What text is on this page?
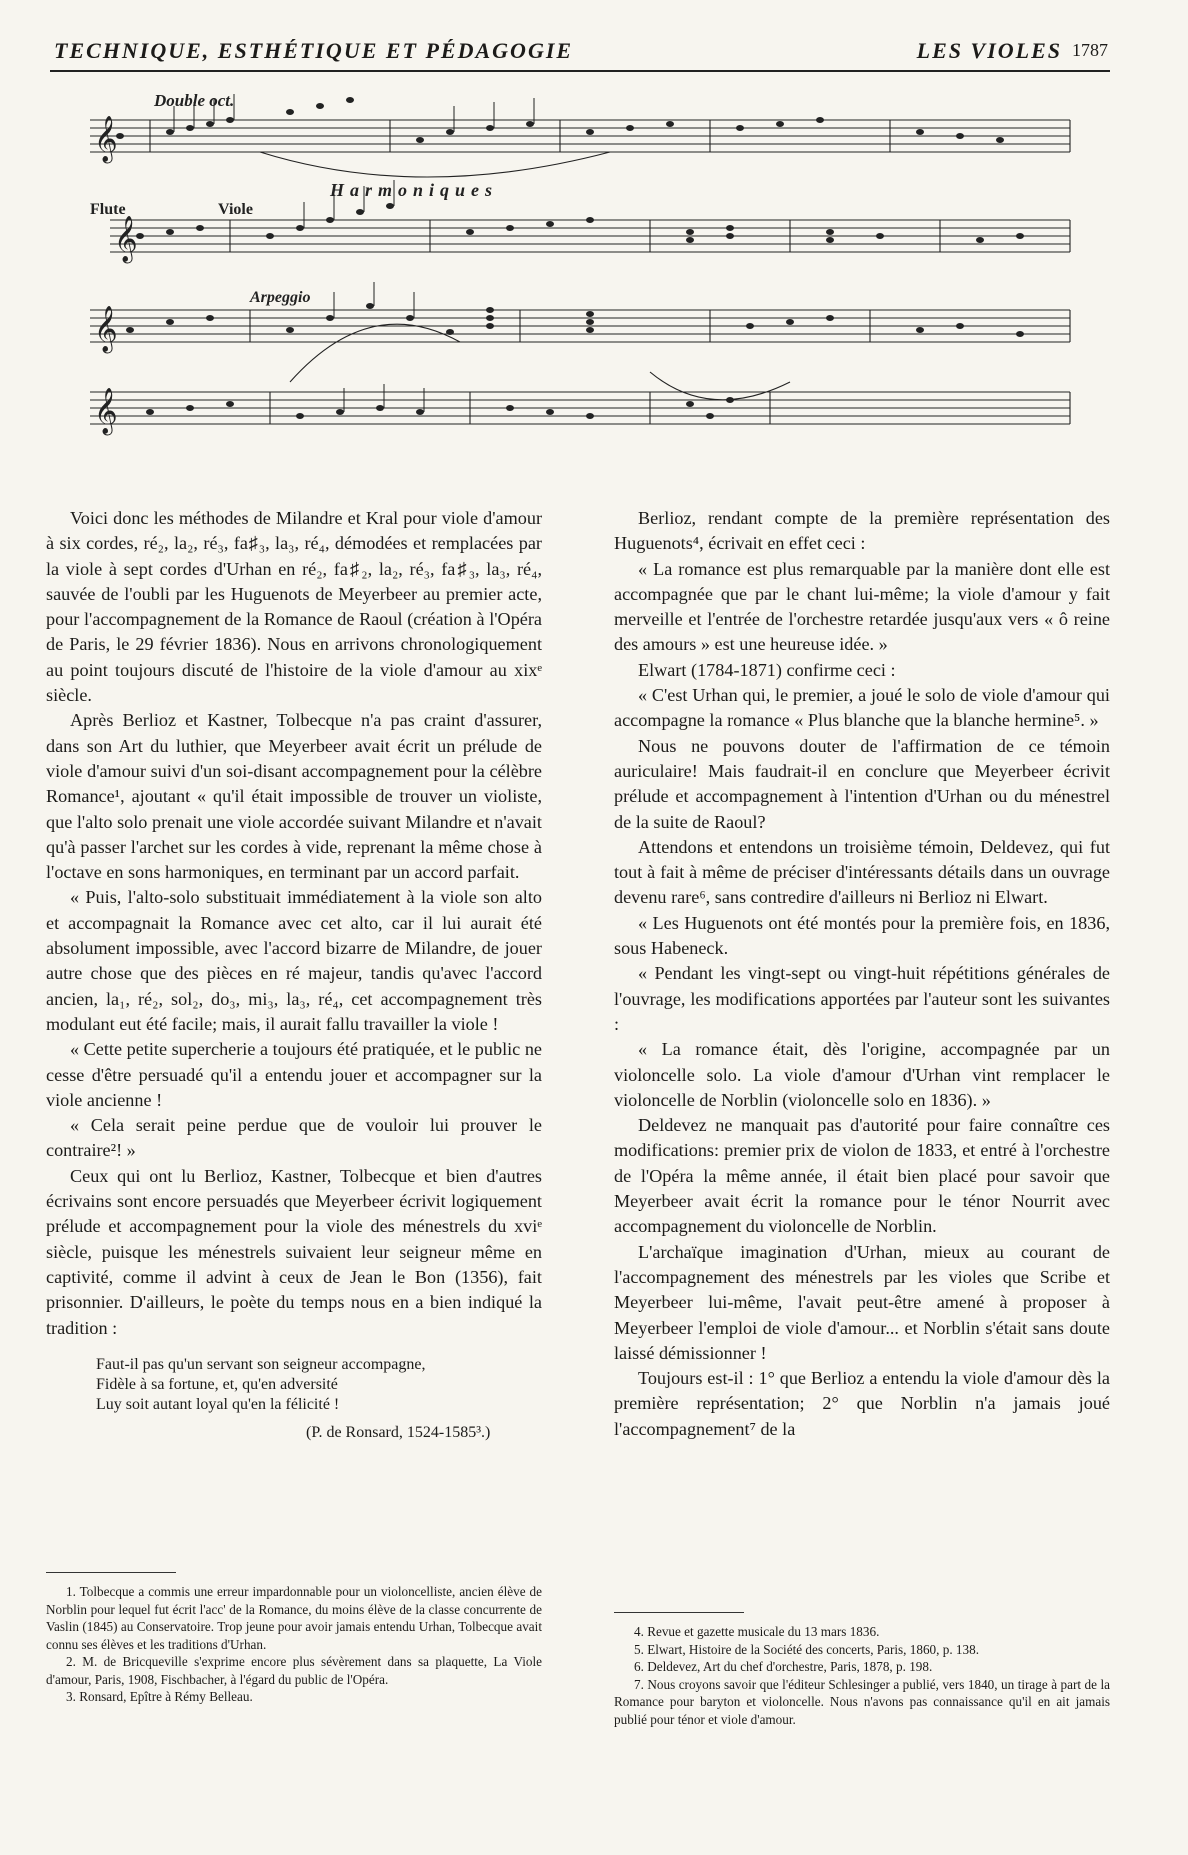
TECHNIQUE, ESTHÉTIQUE ET PÉDAGOGIE	LES VIOLES 1787
𝄞
𝄞
𝄞
𝄞
Double oct.
Flute	Viole
Harmoniques
Arpeggio

Voici donc les méthodes de Milandre et Kral pour viole d'amour à six cordes, ré₂, la₂, ré₃, fa♯₃, la₃, ré₄, démodées et remplacées par la viole à sept cordes d'Urhan en ré₂, fa♯₂, la₂, ré₃, fa♯₃, la₃, ré₄, sauvée de l'oubli par les Huguenots de Meyerbeer au premier acte, pour l'accompagnement de la Romance de Raoul (création à l'Opéra de Paris, le 29 février 1836). Nous en arrivons chronologiquement au point toujours discuté de l'histoire de la viole d'amour au xixᵉ siècle.

Après Berlioz et Kastner, Tolbecque n'a pas craint d'assurer, dans son Art du luthier, que Meyerbeer avait écrit un prélude de viole d'amour suivi d'un soi-disant accompagnement pour la célèbre Romance¹, ajoutant « qu'il était impossible de trouver un violiste, que l'alto solo prenait une viole accordée suivant Milandre et n'avait qu'à passer l'archet sur les cordes à vide, reprenant la même chose à l'octave en sons harmoniques, en terminant par un accord parfait.

« Puis, l'alto-solo substituait immédiatement à la viole son alto et accompagnait la Romance avec cet alto, car il lui aurait été absolument impossible, avec l'accord bizarre de Milandre, de jouer autre chose que des pièces en ré majeur, tandis qu'avec l'accord ancien, la₁, ré₂, sol₂, do₃, mi₃, la₃, ré₄, cet accompagnement très modulant eut été facile; mais, il aurait fallu travailler la viole !

« Cette petite supercherie a toujours été pratiquée, et le public ne cesse d'être persuadé qu'il a entendu jouer et accompagner sur la viole ancienne !

« Cela serait peine perdue que de vouloir lui prouver le contraire²! »

Ceux qui ont lu Berlioz, Kastner, Tolbecque et bien d'autres écrivains sont encore persuadés que Meyerbeer écrivit logiquement prélude et accompagnement pour la viole des ménestrels du xviᵉ siècle, puisque les ménestrels suivaient leur seigneur même en captivité, comme il advint à ceux de Jean le Bon (1356), fait prisonnier. D'ailleurs, le poète du temps nous en a bien indiqué la tradition :

Faut-il pas qu'un servant son seigneur accompagne,
Fidèle à sa fortune, et, qu'en adversité
Luy soit autant loyal qu'en la félicité !
(P. de Ronsard, 1524-1585³.)

Berlioz, rendant compte de la première représentation des Huguenots⁴, écrivait en effet ceci :

« La romance est plus remarquable par la manière dont elle est accompagnée que par le chant lui-même; la viole d'amour y fait merveille et l'entrée de l'orchestre retardée jusqu'aux vers « ô reine des amours » est une heureuse idée. »

Elwart (1784-1871) confirme ceci :

« C'est Urhan qui, le premier, a joué le solo de viole d'amour qui accompagne la romance « Plus blanche que la blanche hermine⁵. »

Nous ne pouvons douter de l'affirmation de ce témoin auriculaire! Mais faudrait-il en conclure que Meyerbeer écrivit prélude et accompagnement à l'intention d'Urhan ou du ménestrel de la suite de Raoul?

Attendons et entendons un troisième témoin, Deldevez, qui fut tout à fait à même de préciser d'intéressants détails dans un ouvrage devenu rare⁶, sans contredire d'ailleurs ni Berlioz ni Elwart.

« Les Huguenots ont été montés pour la première fois, en 1836, sous Habeneck.

« Pendant les vingt-sept ou vingt-huit répétitions générales de l'ouvrage, les modifications apportées par l'auteur sont les suivantes :

« La romance était, dès l'origine, accompagnée par un violoncelle solo. La viole d'amour d'Urhan vint remplacer le violoncelle de Norblin (violoncelle solo en 1836). »

Deldevez ne manquait pas d'autorité pour faire connaître ces modifications: premier prix de violon de 1833, et entré à l'orchestre de l'Opéra la même année, il était bien placé pour savoir que Meyerbeer avait écrit la romance pour le ténor Nourrit avec accompagnement du violoncelle de Norblin.

L'archaïque imagination d'Urhan, mieux au courant de l'accompagnement des ménestrels par les violes que Scribe et Meyerbeer lui-même, l'avait peut-être amené à proposer à Meyerbeer l'emploi de viole d'amour... et Norblin s'était sans doute laissé démissionner !

Toujours est-il : 1° que Berlioz a entendu la viole d'amour dès la première représentation; 2° que Norblin n'a jamais joué l'accompagnement⁷ de la

1. Tolbecque a commis une erreur impardonnable pour un violoncelliste, ancien élève de Norblin pour lequel fut écrit l'acc' de la Romance, du moins élève de la classe concurrente de Vaslin (1845) au Conservatoire. Trop jeune pour avoir jamais entendu Urhan, Tolbecque avait connu ses élèves et les traditions d'Urhan.

2. M. de Bricqueville s'exprime encore plus sévèrement dans sa plaquette, La Viole d'amour, Paris, 1908, Fischbacher, à l'égard du public de l'Opéra.

3. Ronsard, Epître à Rémy Belleau.

4. Revue et gazette musicale du 13 mars 1836.

5. Elwart, Histoire de la Société des concerts, Paris, 1860, p. 138.

6. Deldevez, Art du chef d'orchestre, Paris, 1878, p. 198.

7. Nous croyons savoir que l'éditeur Schlesinger a publié, vers 1840, un tirage à part de la Romance pour baryton et violoncelle. Nous n'avons pas connaissance qu'il en ait jamais publié pour ténor et viole d'amour.
